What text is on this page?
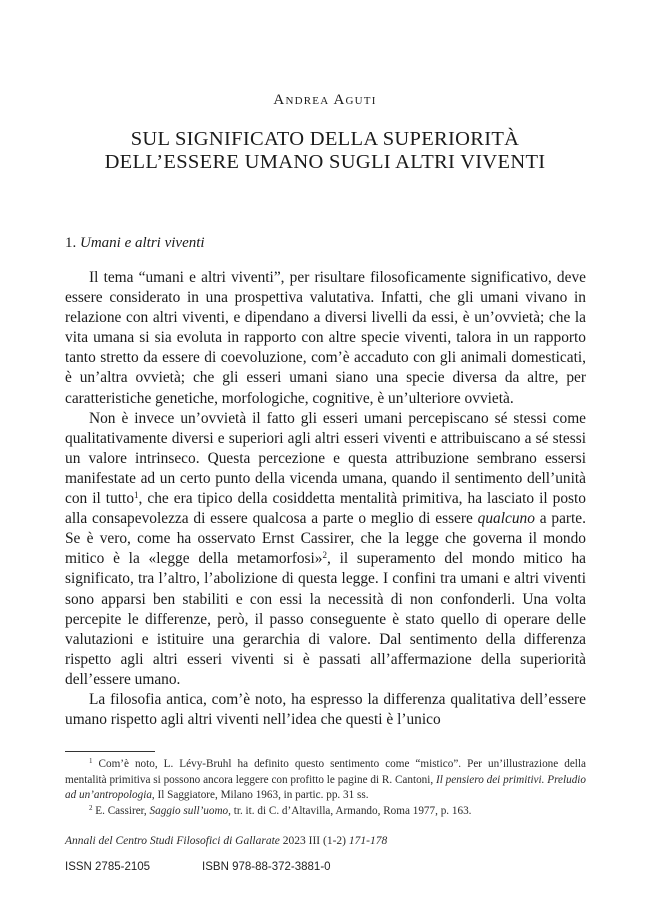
Andrea Aguti
SUL SIGNIFICATO DELLA SUPERIORITÀ
DELL’ESSERE UMANO SUGLI ALTRI VIVENTI
1. Umani e altri viventi

Il tema “umani e altri viventi”, per risultare filosoficamente significativo, deve essere considerato in una prospettiva valutativa. Infatti, che gli umani vivano in relazione con altri viventi, e dipendano a diversi livelli da essi, è un’ovvietà; che la vita umana si sia evoluta in rapporto con altre specie viventi, talora in un rapporto tanto stretto da essere di coevoluzione, com’è accaduto con gli animali domesticati, è un’altra ovvietà; che gli esseri umani siano una specie diversa da altre, per caratteristiche genetiche, morfologiche, cognitive, è un’ulteriore ovvietà.

Non è invece un’ovvietà il fatto gli esseri umani percepiscano sé stessi come qualitativamente diversi e superiori agli altri esseri viventi e attribuiscano a sé stessi un valore intrinseco. Questa percezione e questa attribuzione sembrano essersi manifestate ad un certo punto della vicenda umana, quando il sentimento dell’unità con il tutto$^1$, che era tipico della cosiddetta mentalità primitiva, ha lasciato il posto alla consapevolezza di essere qualcosa a parte o meglio di essere qualcuno a parte. Se è vero, come ha osservato Ernst Cassirer, che la legge che governa il mondo mitico è la «legge della metamorfosi»$^2$, il superamento del mondo mitico ha significato, tra l’altro, l’abolizione di questa legge. I confini tra umani e altri viventi sono apparsi ben stabiliti e con essi la necessità di non confonderli. Una volta percepite le differenze, però, il passo conseguente è stato quello di operare delle valutazioni e istituire una gerarchia di valore. Dal sentimento della differenza rispetto agli altri esseri viventi si è passati all’affermazione della superiorità dell’essere umano.

La filosofia antica, com’è noto, ha espresso la differenza qualitativa dell’essere umano rispetto agli altri viventi nell’idea che questi è l’unico

$^1$ Com’è noto, L. Lévy-Bruhl ha definito questo sentimento come “mistico”. Per un’illustrazione della mentalità primitiva si possono ancora leggere con profitto le pagine di R. Cantoni, Il pensiero dei primitivi. Preludio ad un’antropologia, Il Saggiatore, Milano 1963, in partic. pp. 31 ss.

$^2$ E. Cassirer, Saggio sull’uomo, tr. it. di C. d’Altavilla, Armando, Roma 1977, p. 163.

Annali del Centro Studi Filosofici di Gallarate 2023 III (1-2) 171-178
ISSN 2785-2105	ISBN 978-88-372-3881-0
